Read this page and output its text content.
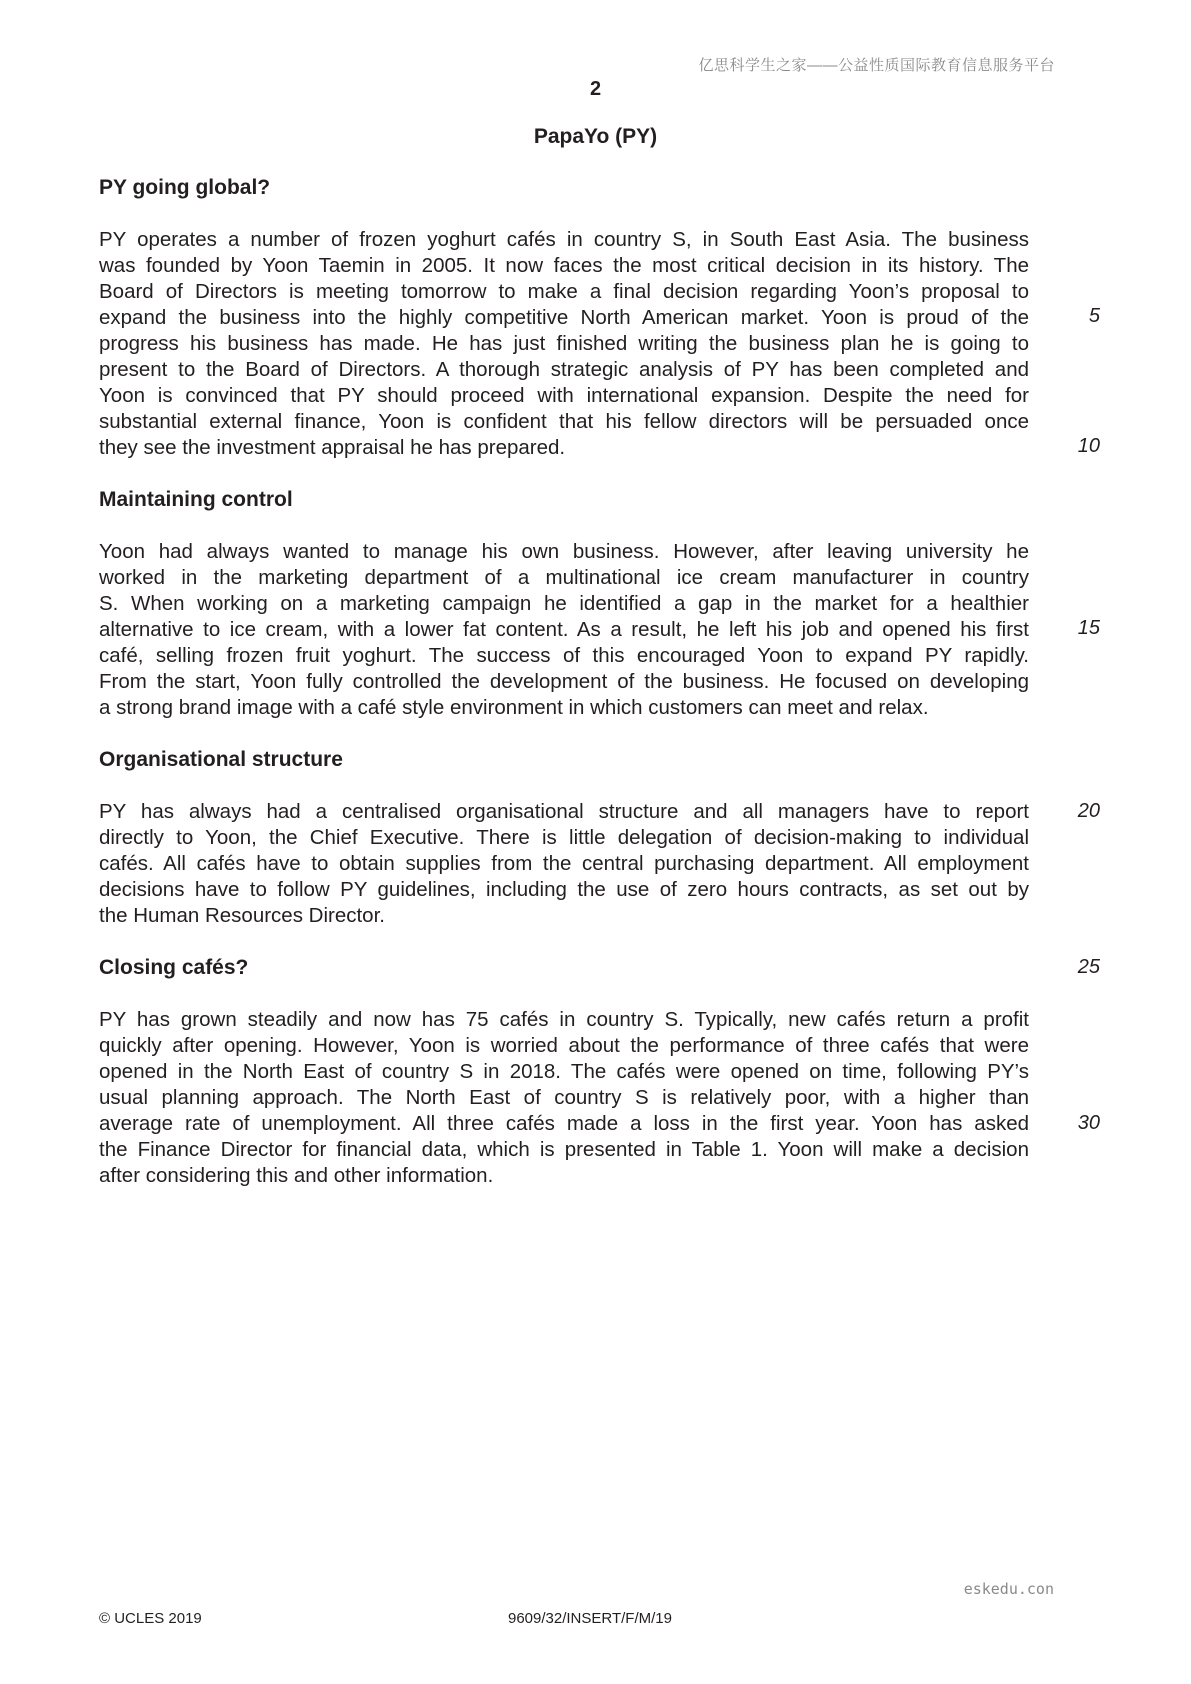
亿思科学生之家——公益性质国际教育信息服务平台
2
PapaYo (PY)
PY going global?
PY operates a number of frozen yoghurt cafés in country S, in South East Asia. The business
was founded by Yoon Taemin in 2005. It now faces the most critical decision in its history. The
Board of Directors is meeting tomorrow to make a final decision regarding Yoon’s proposal to
expand the business into the highly competitive North American market. Yoon is proud of the
progress his business has made. He has just finished writing the business plan he is going to
present to the Board of Directors. A thorough strategic analysis of PY has been completed and
Yoon is convinced that PY should proceed with international expansion. Despite the need for
substantial external finance, Yoon is confident that his fellow directors will be persuaded once
they see the investment appraisal he has prepared.
Maintaining control
Yoon had always wanted to manage his own business. However, after leaving university he
worked in the marketing department of a multinational ice cream manufacturer in country
S. When working on a marketing campaign he identified a gap in the market for a healthier
alternative to ice cream, with a lower fat content. As a result, he left his job and opened his first
café, selling frozen fruit yoghurt. The success of this encouraged Yoon to expand PY rapidly.
From the start, Yoon fully controlled the development of the business. He focused on developing
a strong brand image with a café style environment in which customers can meet and relax.
Organisational structure
PY has always had a centralised organisational structure and all managers have to report
directly to Yoon, the Chief Executive. There is little delegation of decision-making to individual
cafés. All cafés have to obtain supplies from the central purchasing department. All employment
decisions have to follow PY guidelines, including the use of zero hours contracts, as set out by
the Human Resources Director.
Closing cafés?
PY has grown steadily and now has 75 cafés in country S. Typically, new cafés return a profit
quickly after opening. However, Yoon is worried about the performance of three cafés that were
opened in the North East of country S in 2018. The cafés were opened on time, following PY’s
usual planning approach. The North East of country S is relatively poor, with a higher than
average rate of unemployment. All three cafés made a loss in the first year. Yoon has asked
the Finance Director for financial data, which is presented in Table 1. Yoon will make a decision
after considering this and other information.
5
10
15
20
25
30
eskedu.con
© UCLES 2019	9609/32/INSERT/F/M/19
